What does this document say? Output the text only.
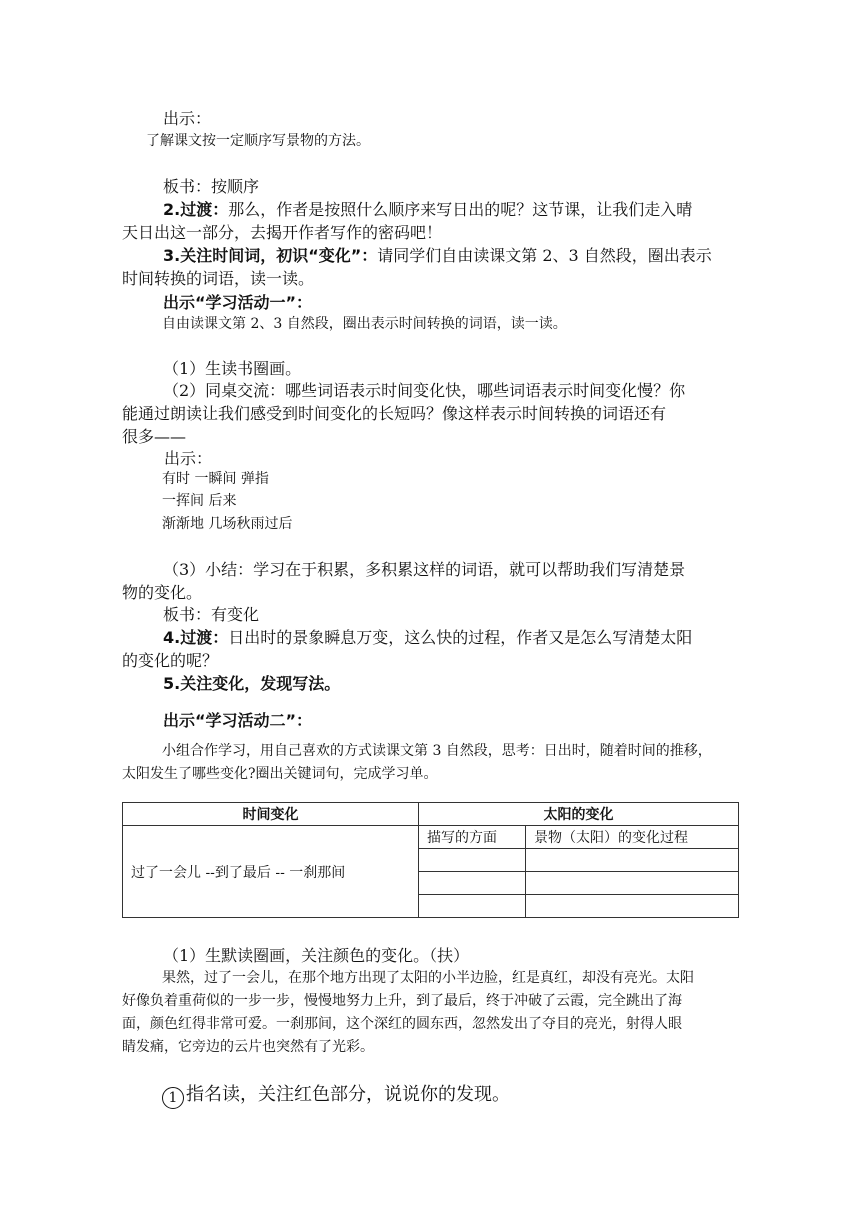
出示：
了解课文按一定顺序写景物的方法。
板书：按顺序
2.过渡：那么，作者是按照什么顺序来写日出的呢？这节课，让我们走入晴
天日出这一部分，去揭开作者写作的密码吧！
3.关注时间词，初识“变化”：请同学们自由读课文第 2、3 自然段，圈出表示
时间转换的词语，读一读。
出示“学习活动一”：
自由读课文第 2、3 自然段，圈出表示时间转换的词语，读一读。
（1）生读书圈画。
（2）同桌交流：哪些词语表示时间变化快，哪些词语表示时间变化慢？你
能通过朗读让我们感受到时间变化的长短吗？像这样表示时间转换的词语还有
很多——
出示：
有时 一瞬间 弹指
一挥间 后来
渐渐地 几场秋雨过后
（3）小结：学习在于积累，多积累这样的词语，就可以帮助我们写清楚景
物的变化。
板书：有变化
4.过渡：日出时的景象瞬息万变，这么快的过程，作者又是怎么写清楚太阳
的变化的呢？
5.关注变化，发现写法。
出示“学习活动二”：
小组合作学习，用自己喜欢的方式读课文第 3 自然段，思考：日出时，随着时间的推移，
太阳发生了哪些变化?圈出关键词句，完成学习单。
时间变化	太阳的变化	
过了一会儿 --到了最后 -- 一刹那间	描写的方面	景物（太阳）的变化过程

（1）生默读圈画，关注颜色的变化。（扶）
果然，过了一会儿，在那个地方出现了太阳的小半边脸，红是真红，却没有亮光。太阳
好像负着重荷似的一步一步，慢慢地努力上升，到了最后，终于冲破了云霞，完全跳出了海
面，颜色红得非常可爱。一刹那间，这个深红的圆东西，忽然发出了夺目的亮光，射得人眼
睛发痛，它旁边的云片也突然有了光彩。
1 指名读，关注红色部分，说说你的发现。
